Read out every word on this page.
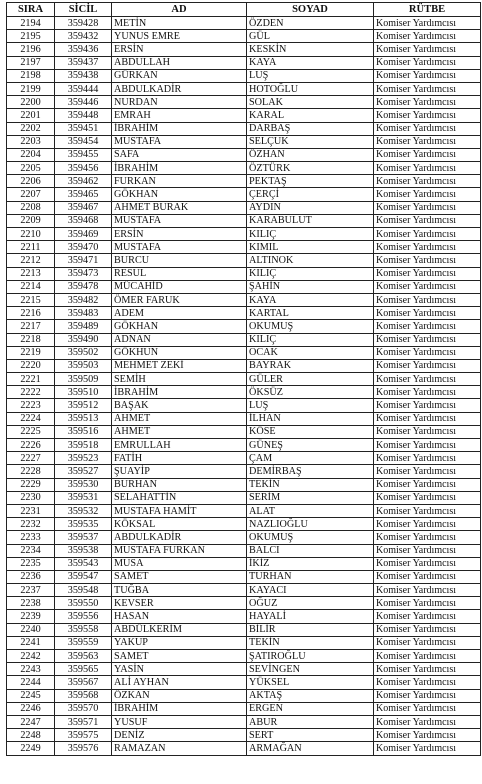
SIRA	SİCİL	AD	SOYAD	RÜTBE
2194	359428	METİN	ÖZDEN	Komiser Yardımcısı
2195	359432	YUNUS EMRE	GÜL	Komiser Yardımcısı
2196	359436	ERSİN	KESKİN	Komiser Yardımcısı
2197	359437	ABDULLAH	KAYA	Komiser Yardımcısı
2198	359438	GÜRKAN	LUŞ	Komiser Yardımcısı
2199	359444	ABDULKADİR	HOTOĞLU	Komiser Yardımcısı
2200	359446	NURDAN	SOLAK	Komiser Yardımcısı
2201	359448	EMRAH	KARAL	Komiser Yardımcısı
2202	359451	İBRAHİM	DARBAŞ	Komiser Yardımcısı
2203	359454	MUSTAFA	SELÇUK	Komiser Yardımcısı
2204	359455	SAFA	ÖZHAN	Komiser Yardımcısı
2205	359456	İBRAHİM	ÖZTÜRK	Komiser Yardımcısı
2206	359462	FURKAN	PEKTAŞ	Komiser Yardımcısı
2207	359465	GÖKHAN	ÇERÇİ	Komiser Yardımcısı
2208	359467	AHMET BURAK	AYDIN	Komiser Yardımcısı
2209	359468	MUSTAFA	KARABULUT	Komiser Yardımcısı
2210	359469	ERSİN	KILIÇ	Komiser Yardımcısı
2211	359470	MUSTAFA	KIMIL	Komiser Yardımcısı
2212	359471	BURCU	ALTINOK	Komiser Yardımcısı
2213	359473	RESUL	KILIÇ	Komiser Yardımcısı
2214	359478	MÜCAHİD	ŞAHİN	Komiser Yardımcısı
2215	359482	ÖMER FARUK	KAYA	Komiser Yardımcısı
2216	359483	ADEM	KARTAL	Komiser Yardımcısı
2217	359489	GÖKHAN	OKUMUŞ	Komiser Yardımcısı
2218	359490	ADNAN	KILIÇ	Komiser Yardımcısı
2219	359502	GÖKHUN	OCAK	Komiser Yardımcısı
2220	359503	MEHMET ZEKİ	BAYRAK	Komiser Yardımcısı
2221	359509	SEMİH	GÜLER	Komiser Yardımcısı
2222	359510	İBRAHİM	ÖKSÜZ	Komiser Yardımcısı
2223	359512	BAŞAK	LUŞ	Komiser Yardımcısı
2224	359513	AHMET	İLHAN	Komiser Yardımcısı
2225	359516	AHMET	KÖSE	Komiser Yardımcısı
2226	359518	EMRULLAH	GÜNEŞ	Komiser Yardımcısı
2227	359523	FATİH	ÇAM	Komiser Yardımcısı
2228	359527	ŞUAYİP	DEMİRBAŞ	Komiser Yardımcısı
2229	359530	BURHAN	TEKİN	Komiser Yardımcısı
2230	359531	SELAHATTİN	SERİM	Komiser Yardımcısı
2231	359532	MUSTAFA HAMİT	ALAT	Komiser Yardımcısı
2232	359535	KÖKSAL	NAZLIOĞLU	Komiser Yardımcısı
2233	359537	ABDULKADİR	OKUMUŞ	Komiser Yardımcısı
2234	359538	MUSTAFA FURKAN	BALCI	Komiser Yardımcısı
2235	359543	MUSA	İKİZ	Komiser Yardımcısı
2236	359547	SAMET	TURHAN	Komiser Yardımcısı
2237	359548	TUĞBA	KAYACI	Komiser Yardımcısı
2238	359550	KEVSER	OĞUZ	Komiser Yardımcısı
2239	359556	HASAN	HAYALİ	Komiser Yardımcısı
2240	359558	ABDÜLKERİM	BİLİR	Komiser Yardımcısı
2241	359559	YAKUP	TEKİN	Komiser Yardımcısı
2242	359563	SAMET	ŞATIROĞLU	Komiser Yardımcısı
2243	359565	YASİN	SEVİNGEN	Komiser Yardımcısı
2244	359567	ALİ AYHAN	YÜKSEL	Komiser Yardımcısı
2245	359568	ÖZKAN	AKTAŞ	Komiser Yardımcısı
2246	359570	İBRAHİM	ERGEN	Komiser Yardımcısı
2247	359571	YUSUF	ABUR	Komiser Yardımcısı
2248	359575	DENİZ	SERT	Komiser Yardımcısı
2249	359576	RAMAZAN	ARMAĞAN	Komiser Yardımcısı
